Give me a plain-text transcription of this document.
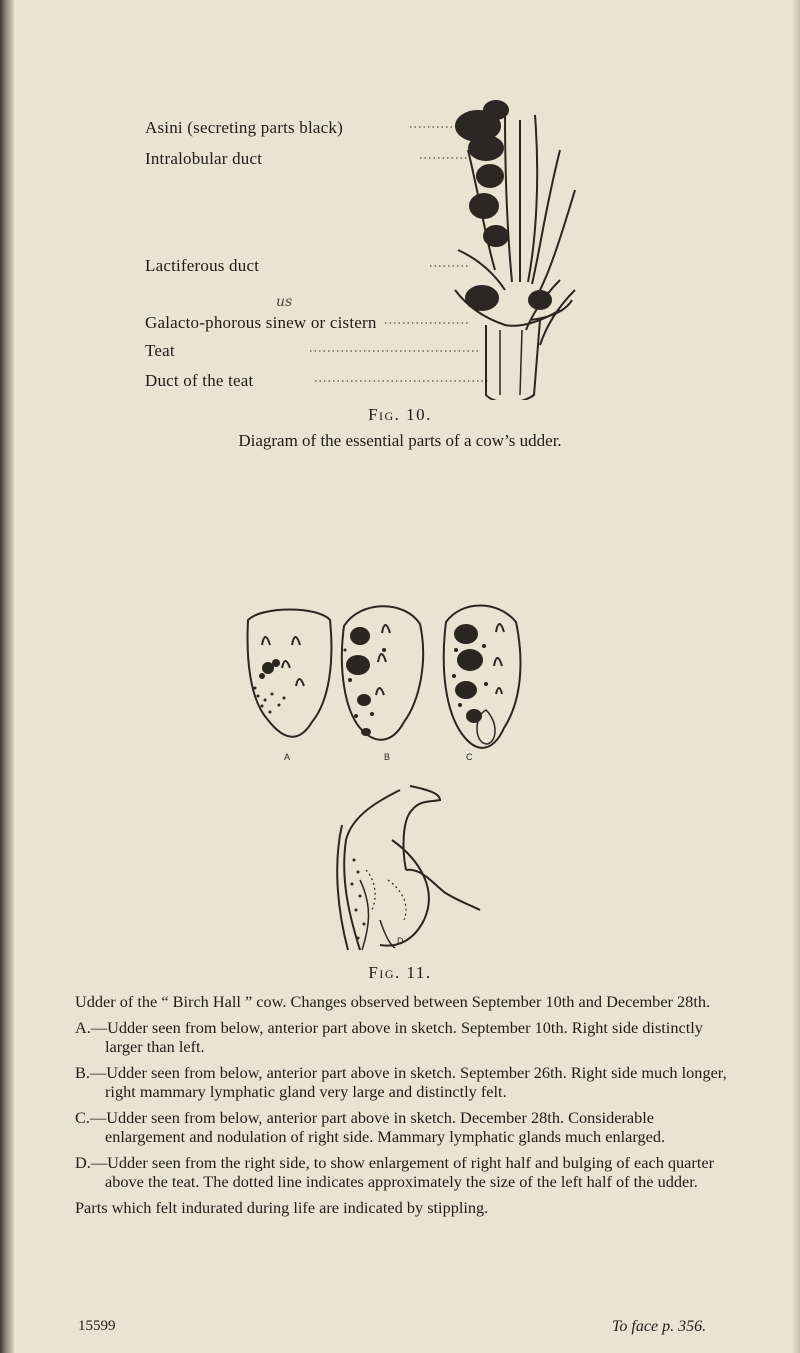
Asini (secreting parts black)
Intralobular duct
Lactiferous duct
Galacto-phorous sinew or cistern
Teat
Duct of the teat
us
Fig. 10.
Diagram of the essential parts of a cow’s udder.
A	B	C
D
Fig. 11.
Udder of the “ Birch Hall ” cow. Changes observed between September 10th and December 28th.
A.—Udder seen from below, anterior part above in sketch. September 10th. Right side distinctly larger than left.
B.—Udder seen from below, anterior part above in sketch. September 26th. Right side much longer, right mammary lymphatic gland very large and distinctly felt.
C.—Udder seen from below, anterior part above in sketch. December 28th. Considerable enlargement and nodulation of right side. Mammary lymphatic glands much enlarged.
D.—Udder seen from the right side, to show enlargement of right half and bulging of each quarter above the teat. The dotted line indicates approximately the size of the left half of the udder.
Parts which felt indurated during life are indicated by stippling.
15599	To face p. 356.
